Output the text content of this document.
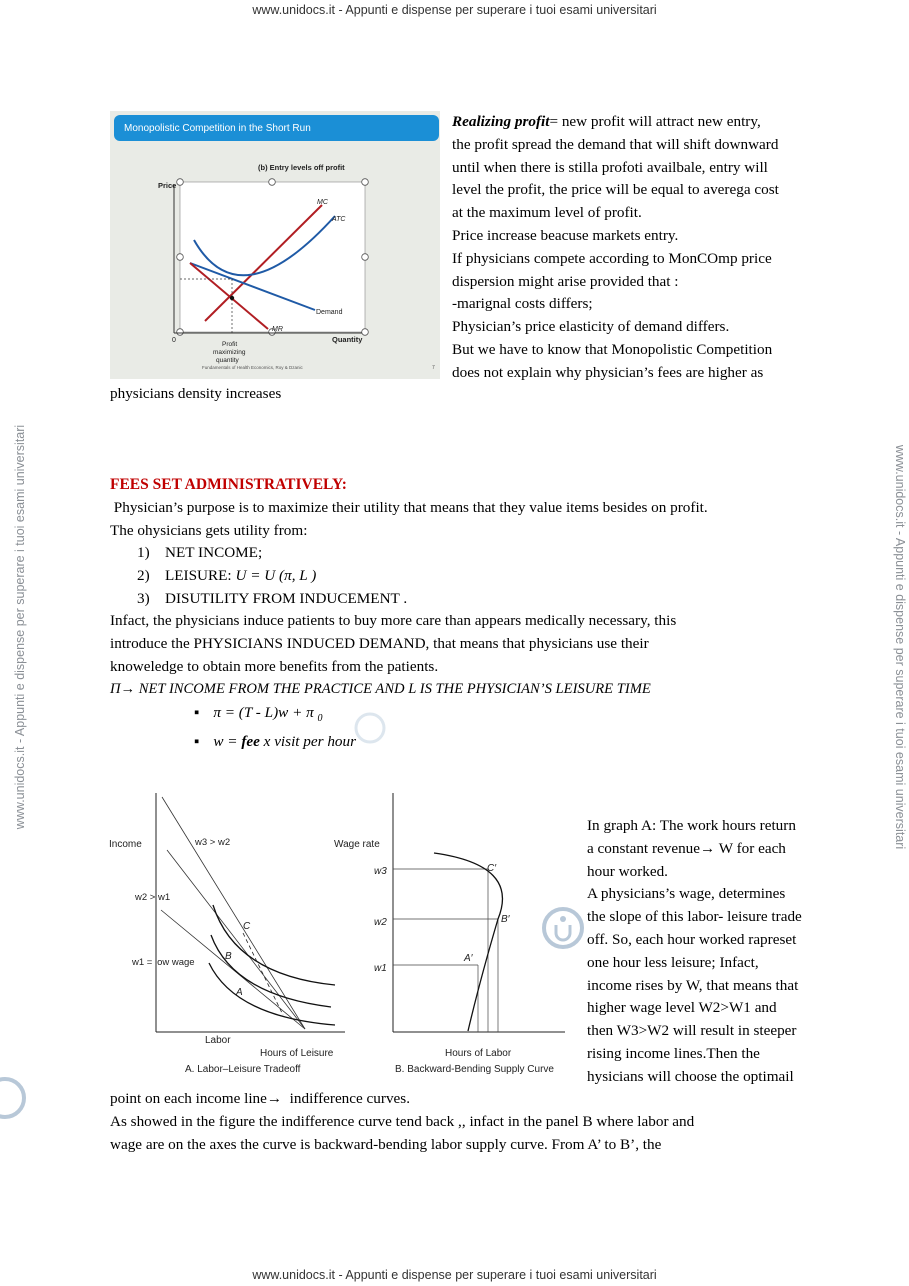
www.unidocs.it - Appunti e dispense per superare i tuoi esami universitari
www.unidocs.it - Appunti e dispense per superare i tuoi esami universitari
www.unidocs.it - Appunti e dispense per superare i tuoi esami universitari	www.unidocs.it - Appunti e dispense per superare i tuoi esami universitari
Monopolistic Competition in the Short Run
(b) Entry levels off profit
Price
0	Quantity
MC
ATC
Demand
MR
Profit
maximizing
quantity
Fundamentals of Health Economics, Roy & Dzanic	7
Realizing profit= new profit will attract new entry,
the profit spread the demand that will shift downward
until when there is stilla profoti availbale, entry will
level the profit, the price will be equal to averega cost
at the maximum level of profit.
Price increase beacuse markets entry.
If physicians compete according to MonCOmp price
dispersion might arise provided that :
-marignal costs differs;
Physician’s price elasticity of demand differs.
But we have to know that Monopolistic Competition
does not explain why physician’s fees are higher as
physicians density increases
FEES SET ADMINISTRATIVELY:
Physician’s purpose is to maximize their utility that means that they value items besides on profit.
The ohysicians gets utility from:
1) NET INCOME;
2) LEISURE: U = U (π, L )
3) DISUTILITY FROM INDUCEMENT .
Infact, the physicians induce patients to buy more care than appears medically necessary, this
introduce the PHYSICIANS INDUCED DEMAND, that means that physicians use their
knoweledge to obtain more benefits from the patients.
Π→ NET INCOME FROM THE PRACTICE AND L IS THE PHYSICIAN’S LEISURE TIME
▪ π = (T - L)w + π $_0$
▪ w = fee x visit per hour
Income	w3 > w2
w2 > w1
w1 = low wage
C
B
A
Labor
Hours of Leisure
A. Labor–Leisure Tradeoff
Wage rate
w3
w2
w1
C′
B′
A′
Hours of Labor
B. Backward-Bending Supply Curve
In graph A: The work hours return
a constant revenue→ W for each
hour worked.
A physicians’s wage, determines
the slope of this labor- leisure trade
off. So, each hour worked rapreset
one hour less leisure; Infact,
income rises by W, that means that
higher wage level W2>W1 and
then W3>W2 will result in steeper
rising income lines.Then the
hysicians will choose the optimail
point on each income line→  indifference curves.
As showed in the figure the indifference curve tend back ,, infact in the panel B where labor and
wage are on the axes the curve is backward-bending labor supply curve. From A’ to B’, the
